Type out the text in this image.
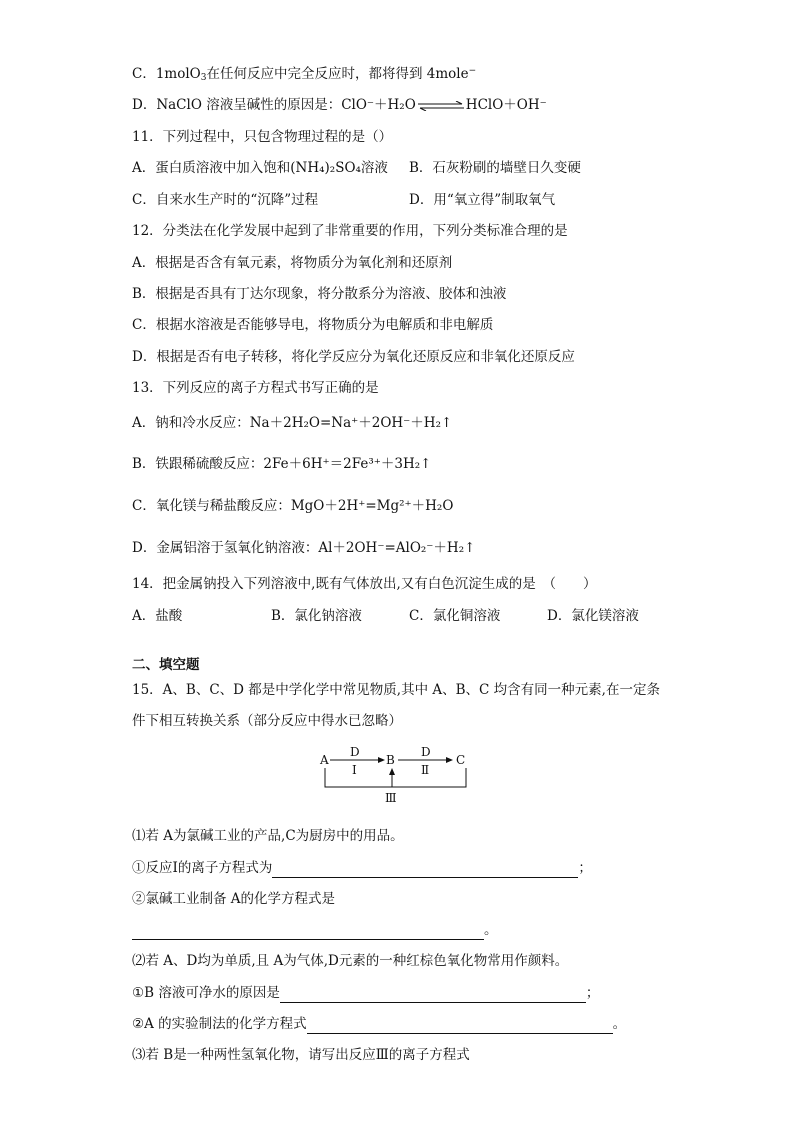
C．1molO$_3$在任何反应中完全反应时，都将得到 4mole−
D．NaClO 溶液呈碱性的原因是：ClO⁻＋H₂O ⇌ HClO＋OH⁻
11．下列过程中，只包含物理过程的是（）
A．蛋白质溶液中加入饱和(NH₄)₂SO₄溶液 B．石灰粉刷的墙壁日久变硬
C．自来水生产时的“沉降”过程	D．用“氧立得”制取氧气
12．分类法在化学发展中起到了非常重要的作用，下列分类标准合理的是
A．根据是否含有氧元素，将物质分为氧化剂和还原剂
B．根据是否具有丁达尔现象，将分散系分为溶液、胶体和浊液
C．根据水溶液是否能够导电，将物质分为电解质和非电解质
D．根据是否有电子转移，将化学反应分为氧化还原反应和非氧化还原反应
13．下列反应的离子方程式书写正确的是
A．钠和冷水反应：Na＋2H₂O=Na⁺＋2OH⁻＋H₂↑
B．铁跟稀硫酸反应：2Fe＋6H⁺＝2Fe³⁺＋3H₂↑
C．氧化镁与稀盐酸反应：MgO＋2H⁺=Mg²⁺＋H₂O
D．金属铝溶于氢氧化钠溶液：Al＋2OH⁻=AlO₂⁻＋H₂↑
14．把金属钠投入下列溶液中,既有气体放出,又有白色沉淀生成的是　（　　）
A．盐酸	B．氯化钠溶液	C．氯化铜溶液	D．氯化镁溶液
二、填空题
15．A、B、C、D 都是中学化学中常见物质,其中 A、B、C 均含有同一种元素,在一定条
件下相互转换关系（部分反应中得水已忽略）
A
D
Ⅰ
B
D
Ⅱ
C
Ⅲ
⑴若 A为氯碱工业的产品,C为厨房中的用品。
①反应Ⅰ的离子方程式为	；
②氯碱工业制备 A的化学方程式是
。
⑵若 A、D均为单质,且 A为气体,D元素的一种红棕色氧化物常用作颜料。
①B 溶液可净水的原因是	；
②A 的实验制法的化学方程式	。
⑶若 B是一种两性氢氧化物，请写出反应Ⅲ的离子方程式
